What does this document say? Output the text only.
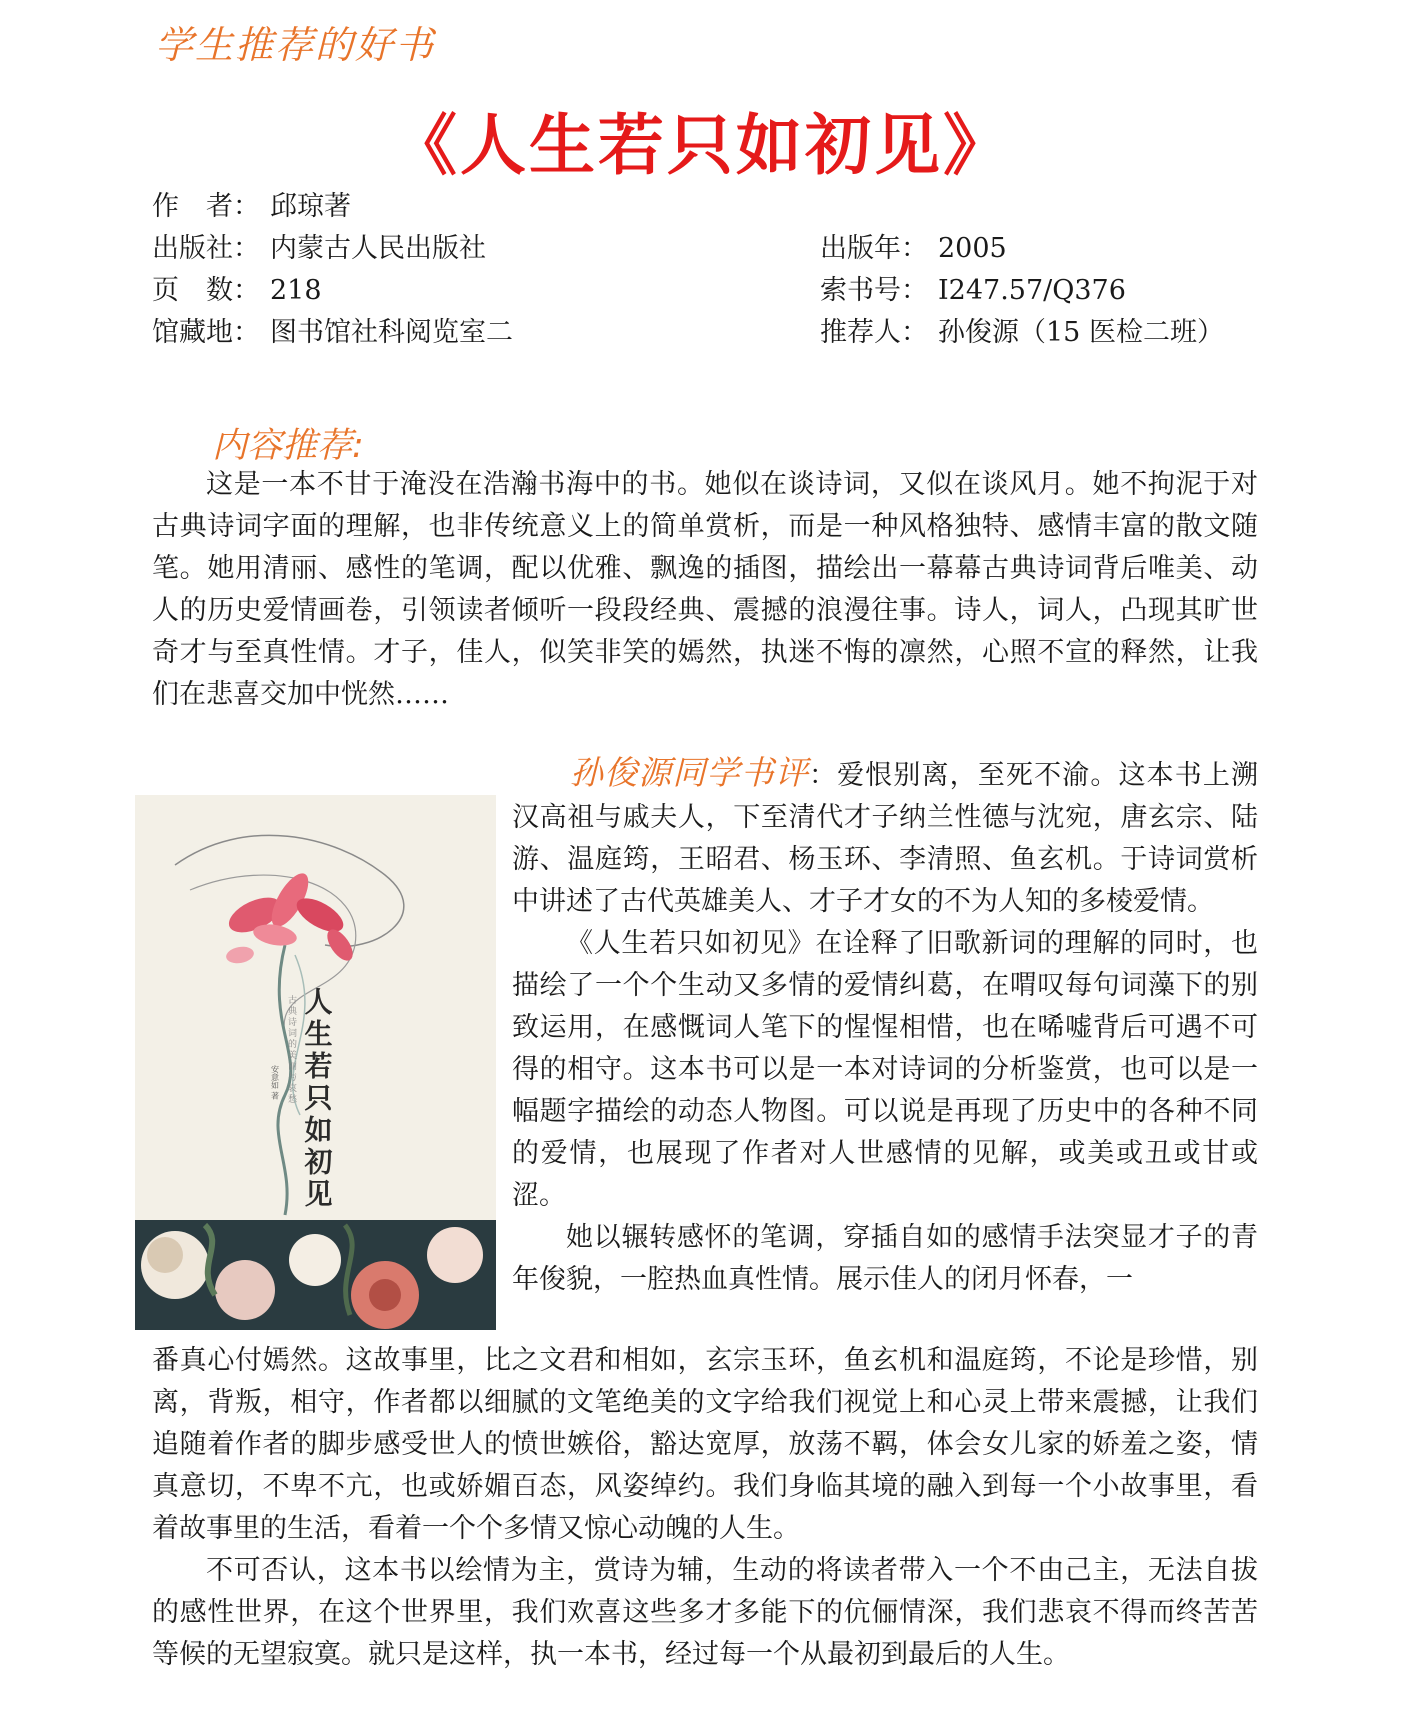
学生推荐的好书
《人生若只如初见》
作　者： 邱琼著
出版社： 内蒙古人民出版社
页　数： 218
馆藏地： 图书馆社科阅览室二
出版年： 2005
索书号： I247.57/Q376
推荐人： 孙俊源（15 医检二班）
内容推荐:

这是一本不甘于淹没在浩瀚书海中的书。她似在谈诗词，又似在谈风月。她不拘泥于对古典诗词字面的理解，也非传统意义上的简单赏析，而是一种风格独特、感情丰富的散文随笔。她用清丽、感性的笔调，配以优雅、飘逸的插图，描绘出一幕幕古典诗词背后唯美、动人的历史爱情画卷，引领读者倾听一段段经典、震撼的浪漫往事。诗人，词人，凸现其旷世奇才与至真性情。才子，佳人，似笑非笑的嫣然，执迷不悔的凛然，心照不宣的释然，让我们在悲喜交加中恍然……

人生若只如初见
古典诗词的美丽与哀愁
安意如 著

孙俊源同学书评：爱恨别离，至死不渝。这本书上溯汉高祖与戚夫人，下至清代才子纳兰性德与沈宛，唐玄宗、陆游、温庭筠，王昭君、杨玉环、李清照、鱼玄机。于诗词赏析中讲述了古代英雄美人、才子才女的不为人知的多棱爱情。

《人生若只如初见》在诠释了旧歌新词的理解的同时，也描绘了一个个生动又多情的爱情纠葛，在喟叹每句词藻下的别致运用，在感慨词人笔下的惺惺相惜，也在唏嘘背后可遇不可得的相守。这本书可以是一本对诗词的分析鉴赏，也可以是一幅题字描绘的动态人物图。可以说是再现了历史中的各种不同的爱情，也展现了作者对人世感情的见解，或美或丑或甘或涩。

她以辗转感怀的笔调，穿插自如的感情手法突显才子的青年俊貌，一腔热血真性情。展示佳人的闭月怀春，一

番真心付嫣然。这故事里，比之文君和相如，玄宗玉环，鱼玄机和温庭筠，不论是珍惜，别离，背叛，相守，作者都以细腻的文笔绝美的文字给我们视觉上和心灵上带来震撼，让我们追随着作者的脚步感受世人的愤世嫉俗，豁达宽厚，放荡不羁，体会女儿家的娇羞之姿，情真意切，不卑不亢，也或娇媚百态，风姿绰约。我们身临其境的融入到每一个小故事里，看着故事里的生活，看着一个个多情又惊心动魄的人生。

不可否认，这本书以绘情为主，赏诗为辅，生动的将读者带入一个不由己主，无法自拔的感性世界，在这个世界里，我们欢喜这些多才多能下的伉俪情深，我们悲哀不得而终苦苦等候的无望寂寞。就只是这样，执一本书，经过每一个从最初到最后的人生。
